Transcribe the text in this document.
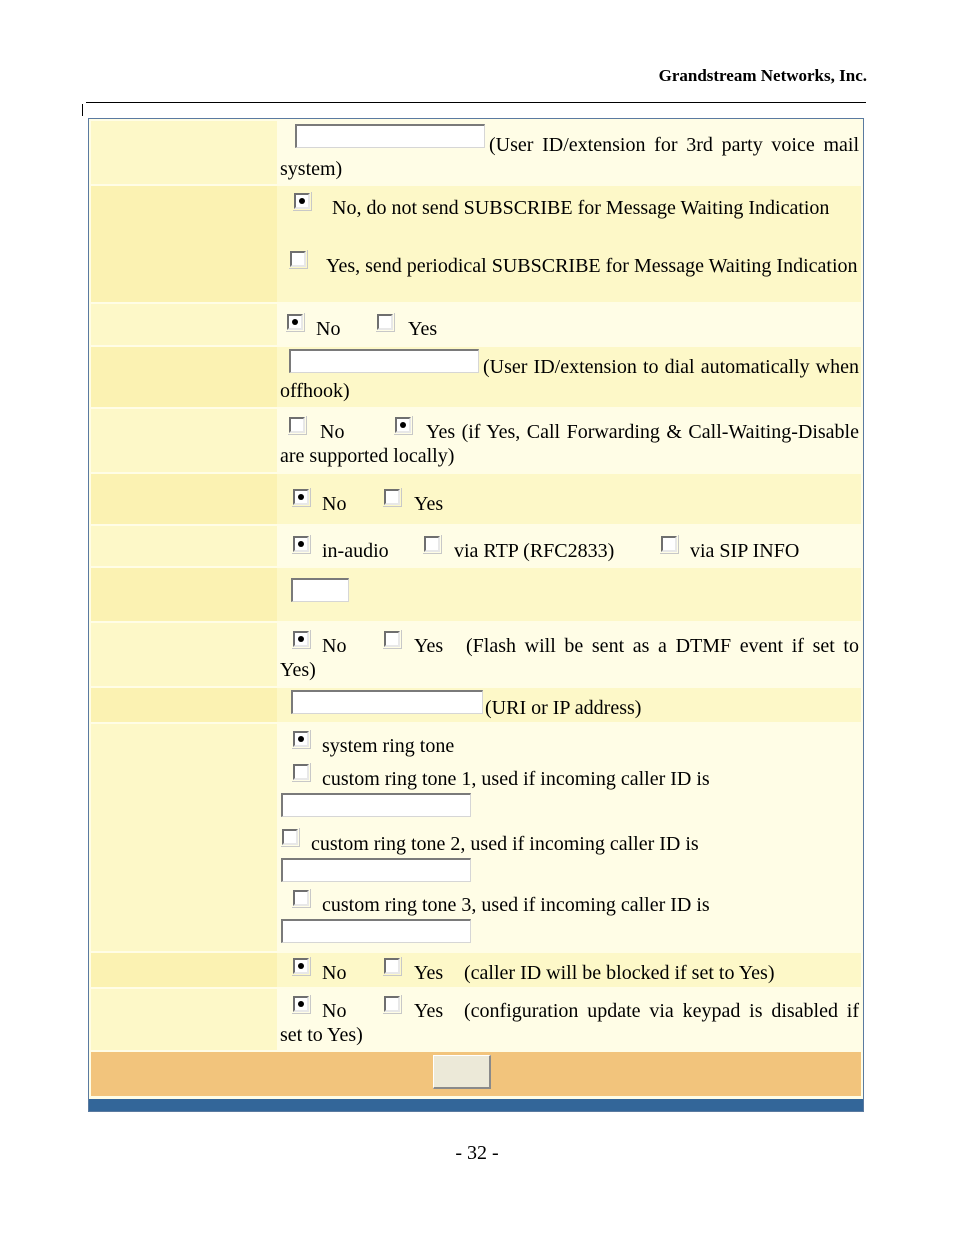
Grandstream Networks, Inc.
(User ID/extension for 3rd party voice mail system)
No, do not send SUBSCRIBE for Message Waiting Indication
Yes, send periodical SUBSCRIBE for Message Waiting Indication
No	Yes
(User ID/extension to dial automatically when offhook)
No	Yes (if Yes, Call Forwarding & Call-Waiting-Disable are supported locally)
No	Yes
in-audio	via RTP (RFC2833)	via SIP INFO
No	Yes	(Flash will be sent as a DTMF event if set to Yes)
(URI or IP address)
system ring tone
custom ring tone 1, used if incoming caller ID is
custom ring tone 2, used if incoming caller ID is
custom ring tone 3, used if incoming caller ID is
No	Yes (caller ID will be blocked if set to Yes)
No	Yes	(configuration update via keypad is disabled if set to Yes)
- 32 -
